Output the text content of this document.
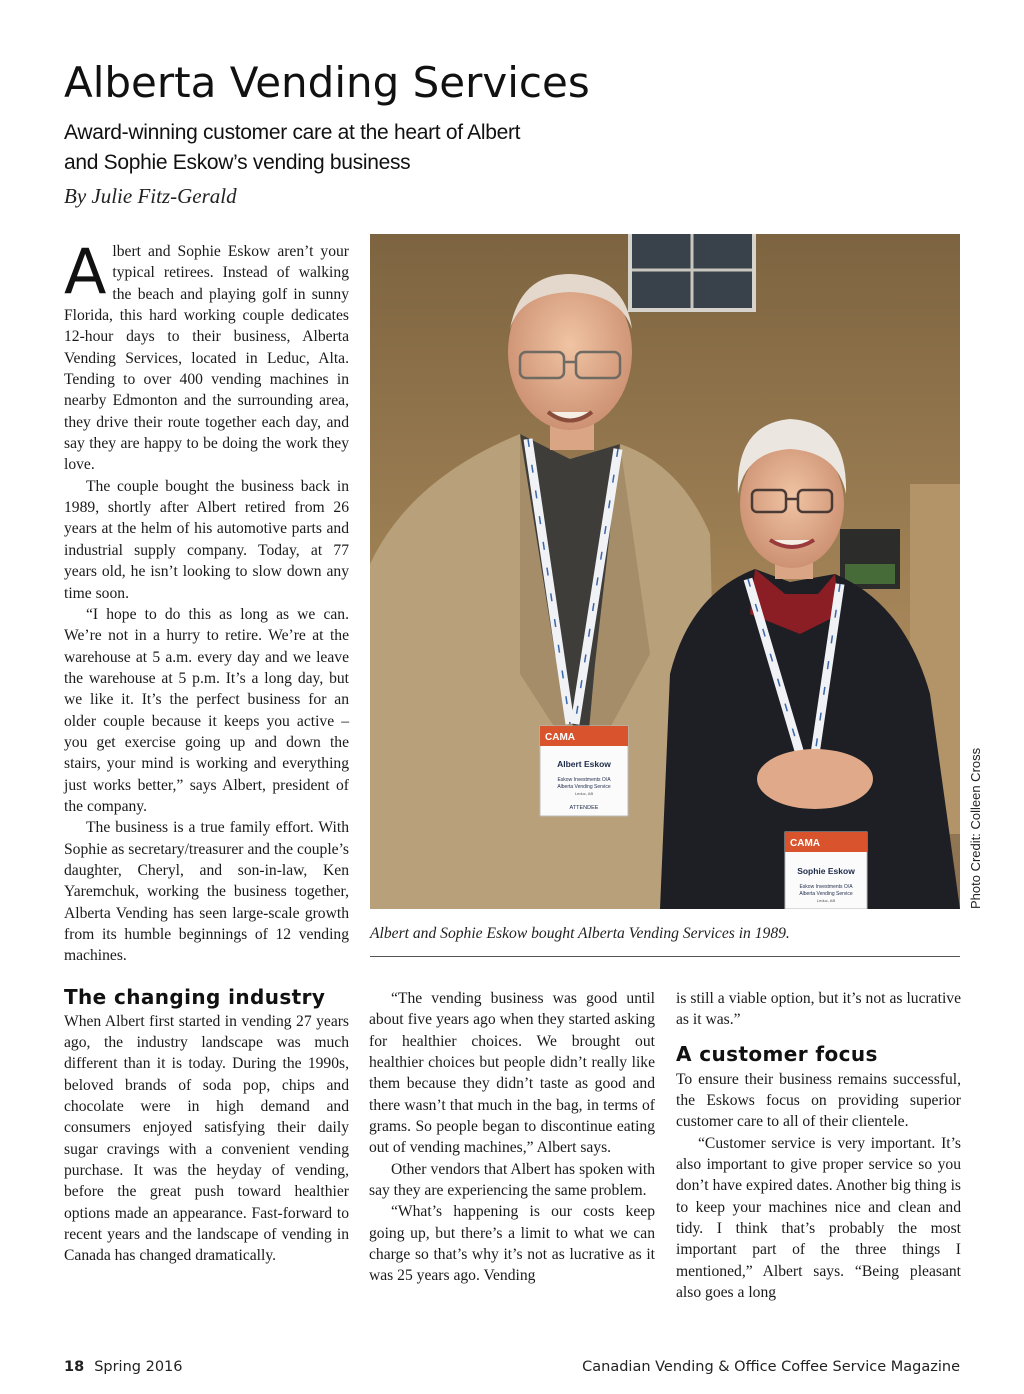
Alberta Vending Services
Award-winning customer care at the heart of Albert
and Sophie Eskow’s vending business
By Julie Fitz-Gerald

Albert and Sophie Eskow aren’t your typical retirees. Instead of walking the beach and playing golf in sunny Florida, this hard working couple dedicates 12-hour days to their business, Alberta Vending Services, located in Leduc, Alta. Tending to over 400 vending machines in nearby Edmonton and the surrounding area, they drive their route together each day, and say they are happy to be doing the work they love.

The couple bought the business back in 1989, shortly after Albert retired from 26 years at the helm of his automotive parts and industrial supply company. Today, at 77 years old, he isn’t looking to slow down any time soon.

“I hope to do this as long as we can. We’re not in a hurry to retire. We’re at the warehouse at 5 a.m. every day and we leave the warehouse at 5 p.m. It’s a long day, but we like it. It’s the perfect business for an older couple because it keeps you active – you get exercise going up and down the stairs, your mind is working and everything just works better,” says Albert, president of the company.

The business is a true family effort. With Sophie as secretary/treasurer and the couple’s daughter, Cheryl, and son-in-law, Ken Yaremchuk, working the business together, Alberta Vending has seen large-scale growth from its humble beginnings of 12 vending machines.

The changing industry

When Albert first started in vending 27 years ago, the industry landscape was much different than it is today. During the 1990s, beloved brands of soda pop, chips and chocolate were in high demand and consumers enjoyed satisfying their daily sugar cravings with a convenient vending purchase. It was the heyday of vending, before the great push toward healthier options made an appearance. Fast-forward to recent years and the landscape of vending in Canada has changed dramatically.

CAMA
Albert Eskow
Eskow Investments O/A
Alberta Vending Service
Leduc, AB
ATTENDEE
CAMA
Sophie Eskow
Eskow Investments O/A
Alberta Vending Service
Leduc, AB	Photo Credit: Colleen Cross
Albert and Sophie Eskow bought Alberta Vending Services in 1989.

“The vending business was good until about five years ago when they started asking for healthier choices. We brought out healthier choices but people didn’t really like them because they didn’t taste as good and there wasn’t that much in the bag, in terms of grams. So people began to discontinue eating out of vending machines,” Albert says.

Other vendors that Albert has spoken with say they are experiencing the same problem.

“What’s happening is our costs keep going up, but there’s a limit to what we can charge so that’s why it’s not as lucrative as it was 25 years ago. Vending

is still a viable option, but it’s not as lucrative as it was.”

A customer focus

To ensure their business remains successful, the Eskows focus on providing superior customer care to all of their clientele.

“Customer service is very important. It’s also important to give proper service so you don’t have expired dates. Another big thing is to keep your machines nice and clean and tidy. I think that’s probably the most important part of the three things I mentioned,” Albert says. “Being pleasant also goes a long

18 Spring 2016	Canadian Vending & Office Coffee Service Magazine
